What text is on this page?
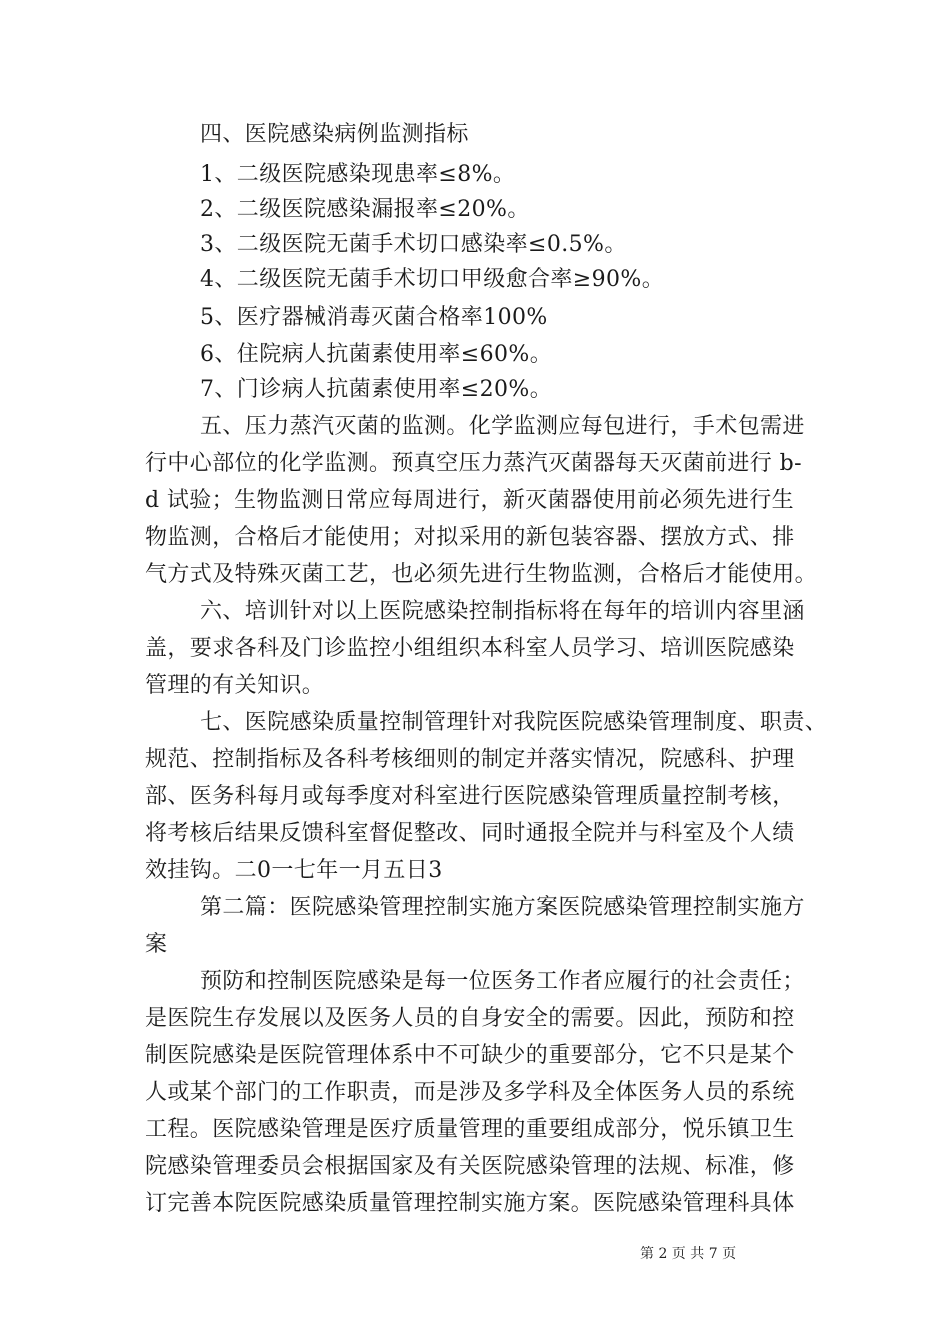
四、医院感染病例监测指标
1、二级医院感染现患率≤8%。
2、二级医院感染漏报率≤20%。
3、二级医院无菌手术切口感染率≤0.5%。
4、二级医院无菌手术切口甲级愈合率≥90%。
5、医疗器械消毒灭菌合格率100%
6、住院病人抗菌素使用率≤60%。
7、门诊病人抗菌素使用率≤20%。
五、压力蒸汽灭菌的监测。化学监测应每包进行，手术包需进
行中心部位的化学监测。预真空压力蒸汽灭菌器每天灭菌前进行 b-
d 试验；生物监测日常应每周进行，新灭菌器使用前必须先进行生
物监测，合格后才能使用；对拟采用的新包装容器、摆放方式、排
气方式及特殊灭菌工艺，也必须先进行生物监测，合格后才能使用。
六、培训针对以上医院感染控制指标将在每年的培训内容里涵
盖，要求各科及门诊监控小组组织本科室人员学习、培训医院感染
管理的有关知识。
七、医院感染质量控制管理针对我院医院感染管理制度、职责、
规范、控制指标及各科考核细则的制定并落实情况，院感科、护理
部、医务科每月或每季度对科室进行医院感染管理质量控制考核，
将考核后结果反馈科室督促整改、同时通报全院并与科室及个人绩
效挂钩。二0一七年一月五日3
第二篇：医院感染管理控制实施方案医院感染管理控制实施方
案
预防和控制医院感染是每一位医务工作者应履行的社会责任；
是医院生存发展以及医务人员的自身安全的需要。因此，预防和控
制医院感染是医院管理体系中不可缺少的重要部分，它不只是某个
人或某个部门的工作职责，而是涉及多学科及全体医务人员的系统
工程。医院感染管理是医疗质量管理的重要组成部分，悦乐镇卫生
院感染管理委员会根据国家及有关医院感染管理的法规、标准，修
订完善本院医院感染质量管理控制实施方案。医院感染管理科具体
第 2 页 共 7 页
